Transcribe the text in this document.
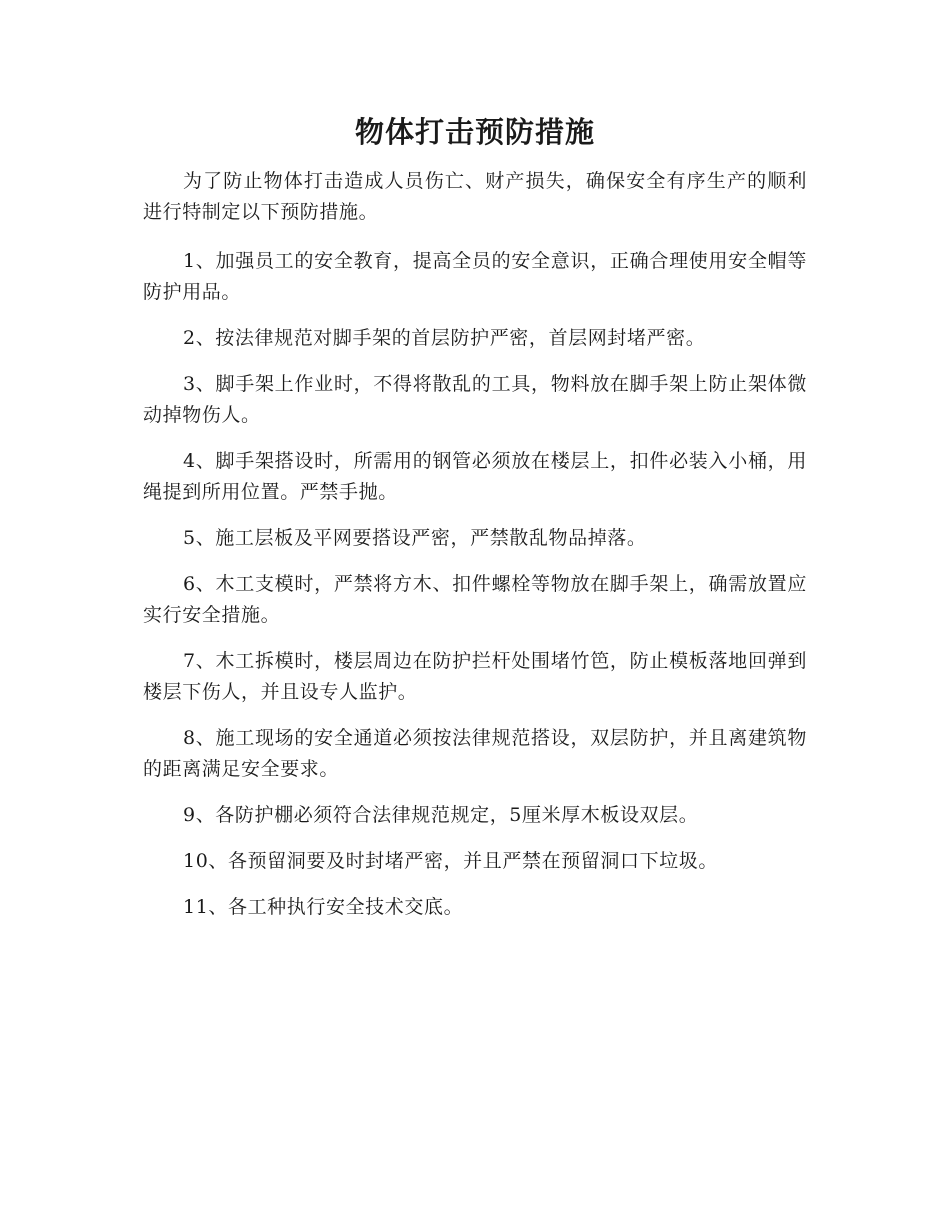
物体打击预防措施

为了防止物体打击造成人员伤亡、财产损失，确保安全有序生产的顺利进行特制定以下预防措施。

1、加强员工的安全教育，提高全员的安全意识，正确合理使用安全帽等防护用品。

2、按法律规范对脚手架的首层防护严密，首层网封堵严密。

3、脚手架上作业时，不得将散乱的工具，物料放在脚手架上防止架体微动掉物伤人。

4、脚手架搭设时，所需用的钢管必须放在楼层上，扣件必装入小桶，用绳提到所用位置。严禁手抛。

5、施工层板及平网要搭设严密，严禁散乱物品掉落。

6、木工支模时，严禁将方木、扣件螺栓等物放在脚手架上，确需放置应实行安全措施。

7、木工拆模时，楼层周边在防护拦杆处围堵竹笆，防止模板落地回弹到楼层下伤人，并且设专人监护。

8、施工现场的安全通道必须按法律规范搭设，双层防护，并且离建筑物的距离满足安全要求。

9、各防护棚必须符合法律规范规定，5厘米厚木板设双层。

10、各预留洞要及时封堵严密，并且严禁在预留洞口下垃圾。

11、各工种执行安全技术交底。
